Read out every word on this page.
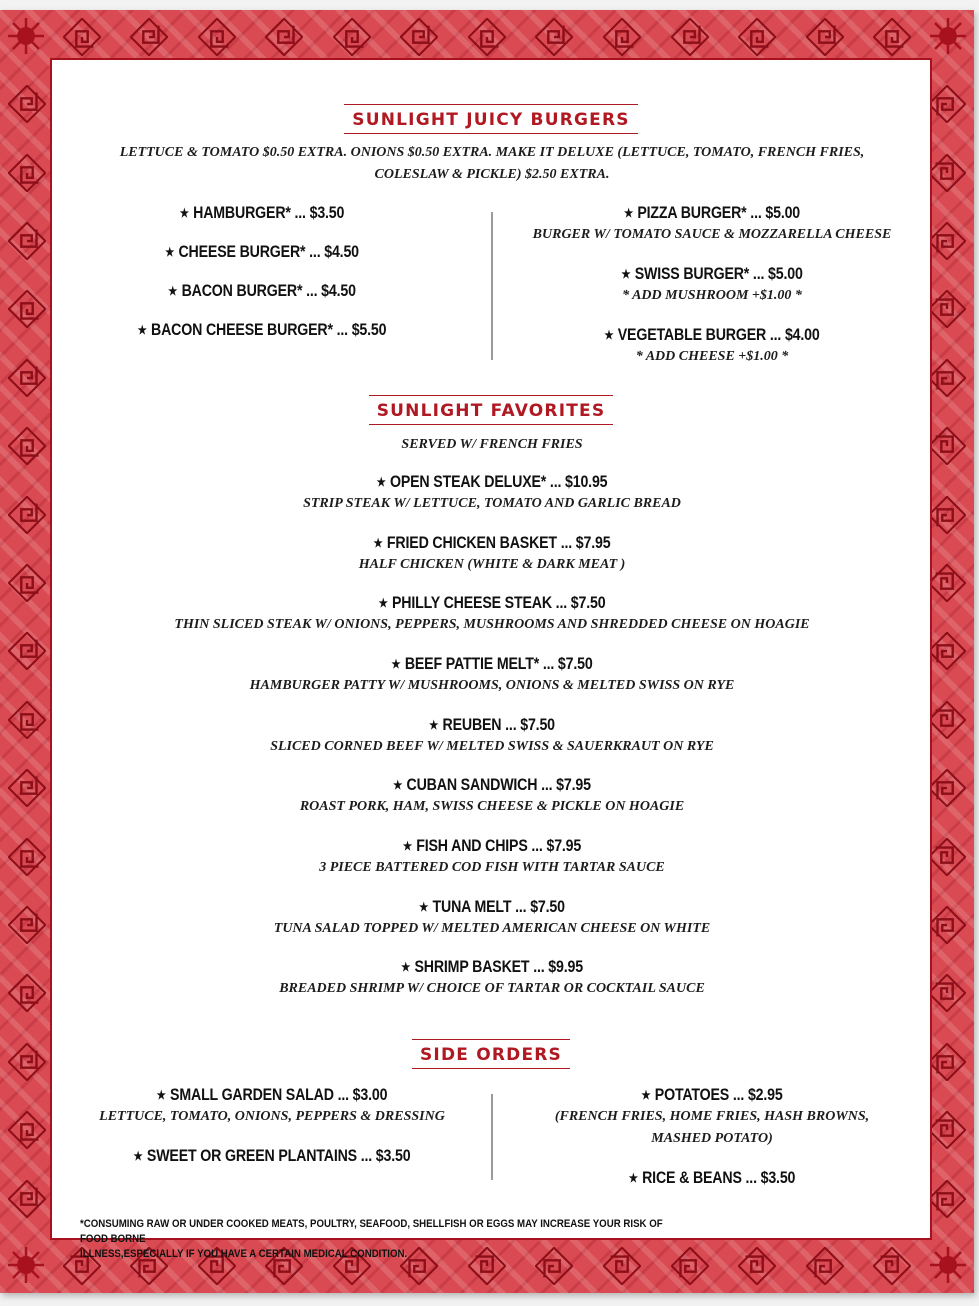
SUNLIGHT JUICY BURGERS
LETTUCE & TOMATO $0.50 EXTRA. ONIONS $0.50 EXTRA. MAKE IT DELUXE (LETTUCE, TOMATO, FRENCH FRIES,
COLESLAW & PICKLE) $2.50 EXTRA.
★ HAMBURGER* ... $3.50
★ CHEESE BURGER* ... $4.50
★ BACON BURGER* ... $4.50
★ BACON CHEESE BURGER* ... $5.50
★ PIZZA BURGER* ... $5.00
BURGER W/ TOMATO SAUCE & MOZZARELLA CHEESE
★ SWISS BURGER* ... $5.00
* ADD MUSHROOM +$1.00 *
★ VEGETABLE BURGER ... $4.00
* ADD CHEESE +$1.00 *
SUNLIGHT FAVORITES
SERVED W/ FRENCH FRIES
★ OPEN STEAK DELUXE* ... $10.95
STRIP STEAK W/ LETTUCE, TOMATO AND GARLIC BREAD
★ FRIED CHICKEN BASKET ... $7.95
HALF CHICKEN (WHITE & DARK MEAT )
★ PHILLY CHEESE STEAK ... $7.50
THIN SLICED STEAK W/ ONIONS, PEPPERS, MUSHROOMS AND SHREDDED CHEESE ON HOAGIE
★ BEEF PATTIE MELT* ... $7.50
HAMBURGER PATTY W/ MUSHROOMS, ONIONS & MELTED SWISS ON RYE
★ REUBEN ... $7.50
SLICED CORNED BEEF W/ MELTED SWISS & SAUERKRAUT ON RYE
★ CUBAN SANDWICH ... $7.95
ROAST PORK, HAM, SWISS CHEESE & PICKLE ON HOAGIE
★ FISH AND CHIPS ... $7.95
3 PIECE BATTERED COD FISH WITH TARTAR SAUCE
★ TUNA MELT ... $7.50
TUNA SALAD TOPPED W/ MELTED AMERICAN CHEESE ON WHITE
★ SHRIMP BASKET ... $9.95
BREADED SHRIMP W/ CHOICE OF TARTAR OR COCKTAIL SAUCE
SIDE ORDERS
★ SMALL GARDEN SALAD ... $3.00
LETTUCE, TOMATO, ONIONS, PEPPERS & DRESSING
★ SWEET OR GREEN PLANTAINS ... $3.50
★ POTATOES ... $2.95
(FRENCH FRIES, HOME FRIES, HASH BROWNS,
MASHED POTATO)
★ RICE & BEANS ... $3.50
*CONSUMING RAW OR UNDER COOKED MEATS, POULTRY, SEAFOOD, SHELLFISH OR EGGS MAY INCREASE YOUR RISK OF FOOD BORNE
ILLNESS,ESPECIALLY IF YOU HAVE A CERTAIN MEDICAL CONDITION.
